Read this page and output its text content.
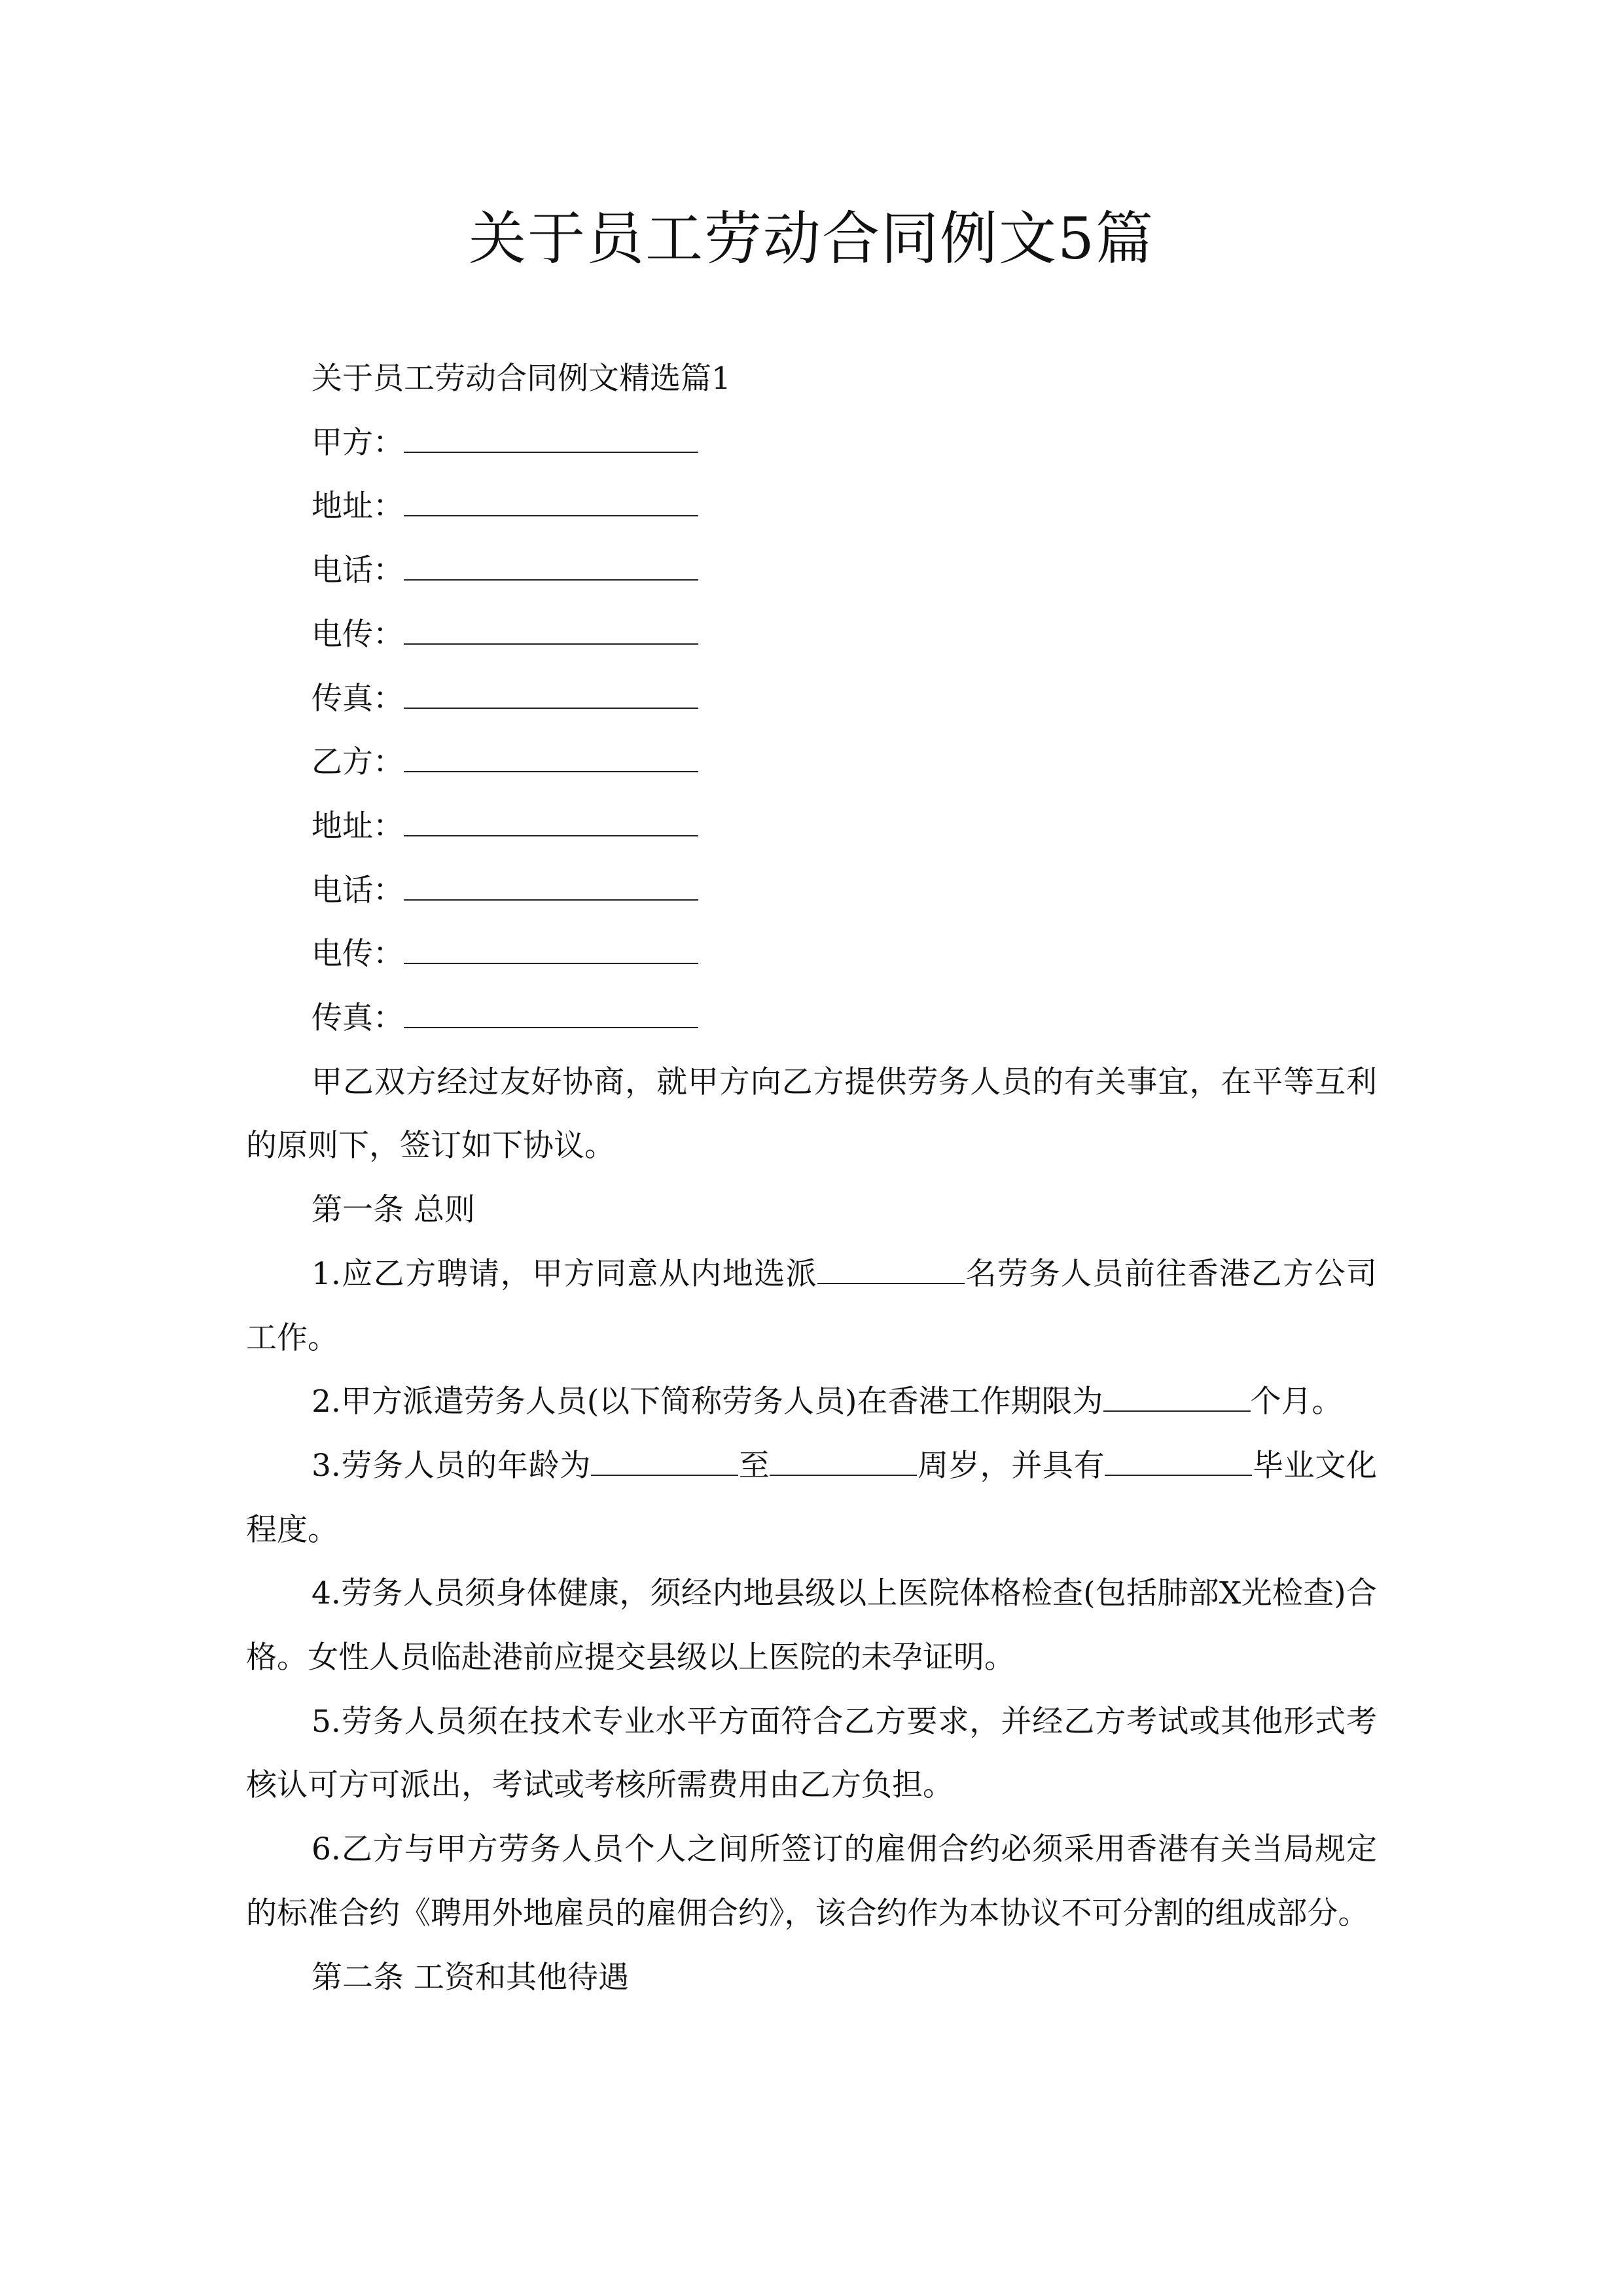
关于员工劳动合同例文5篇

关于员工劳动合同例文精选篇1

甲方：

地址：

电话：

电传：

传真：

乙方：

地址：

电话：

电传：

传真：

甲乙双方经过友好协商，就甲方向乙方提供劳务人员的有关事宜，在平等互利的原则下，签订如下协议。

第一条 总则

1.应乙方聘请，甲方同意从内地选派	名劳务人员前往香港乙方公司工作。

2.甲方派遣劳务人员(以下简称劳务人员)在香港工作期限为	个月。

3.劳务人员的年龄为	至	周岁，并具有	毕业文化程度。

4.劳务人员须身体健康，须经内地县级以上医院体格检查(包括肺部X光检查)合格。女性人员临赴港前应提交县级以上医院的未孕证明。

5.劳务人员须在技术专业水平方面符合乙方要求，并经乙方考试或其他形式考核认可方可派出，考试或考核所需费用由乙方负担。

6.乙方与甲方劳务人员个人之间所签订的雇佣合约必须采用香港有关当局规定的标准合约《聘用外地雇员的雇佣合约》，该合约作为本协议不可分割的组成部分。

第二条 工资和其他待遇
